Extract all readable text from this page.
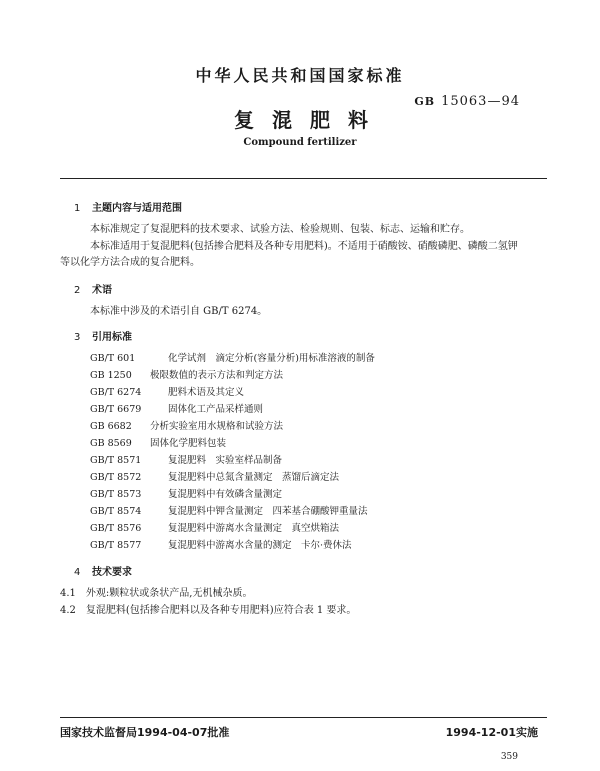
中华人民共和国国家标准
GB 15063—94
复混肥料
Compound fertilizer
1 主题内容与适用范围
本标准规定了复混肥料的技术要求、试验方法、检验规则、包装、标志、运输和贮存。
本标准适用于复混肥料(包括掺合肥料及各种专用肥料)。不适用于硝酸铵、硝酸磷肥、磷酸二氢钾
等以化学方法合成的复合肥料。
2 术语
本标准中涉及的术语引自 GB/T 6274。
3 引用标准
GB/T 601	化学试剂　滴定分析(容量分析)用标准溶液的制备
GB 1250 极限数值的表示方法和判定方法
GB/T 6274	肥料术语及其定义
GB/T 6679	固体化工产品采样通则
GB 6682 分析实验室用水规格和试验方法
GB 8569 固体化学肥料包装
GB/T 8571	复混肥料　实验室样品制备
GB/T 8572	复混肥料中总氮含量测定　蒸馏后滴定法
GB/T 8573	复混肥料中有效磷含量测定
GB/T 8574	复混肥料中钾含量测定　四苯基合硼酸钾重量法
GB/T 8576	复混肥料中游离水含量测定　真空烘箱法
GB/T 8577	复混肥料中游离水含量的测定　卡尔·费休法
4 技术要求
4.1　外观:颗粒状或条状产品,无机械杂质。
4.2　复混肥料(包括掺合肥料以及各种专用肥料)应符合表 1 要求。
国家技术监督局1994-04-07批准	1994-12-01实施
359
